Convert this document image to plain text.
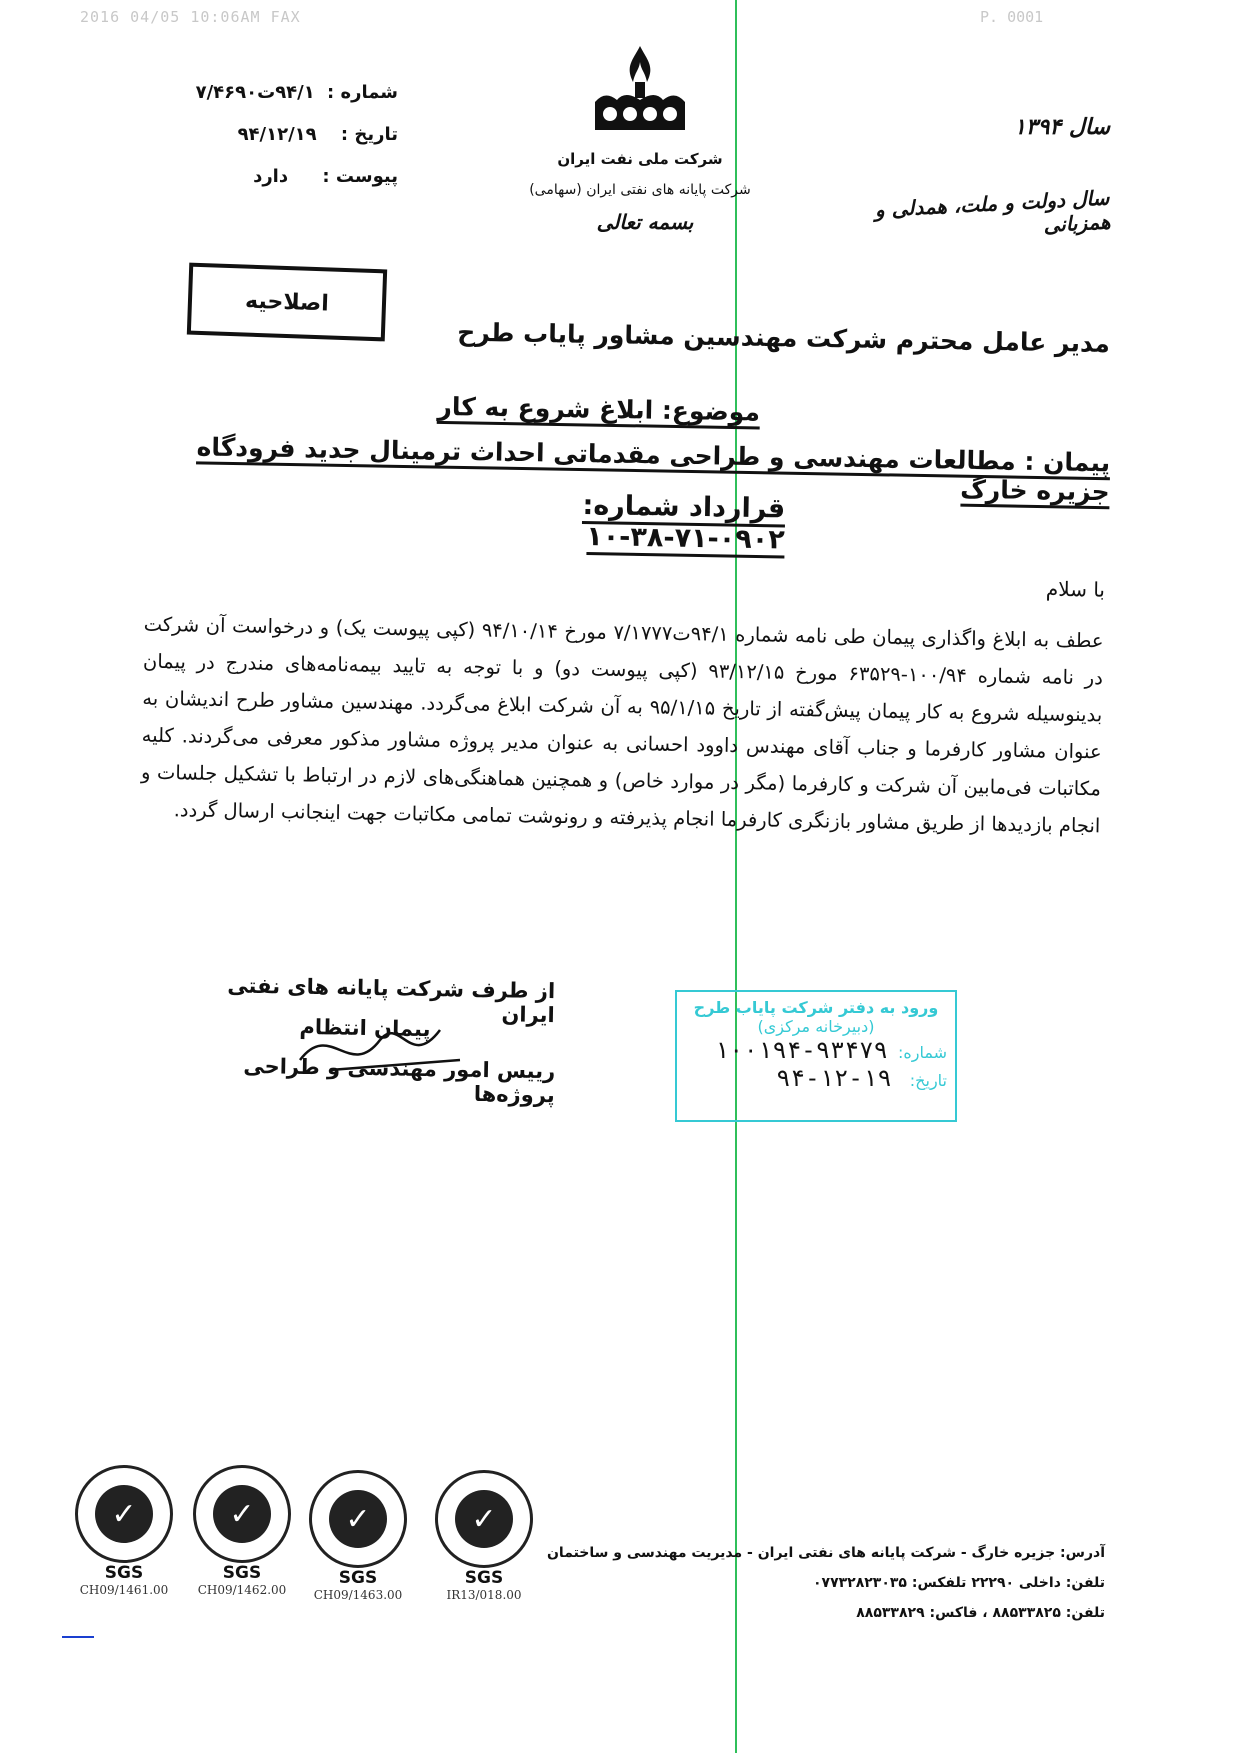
2016 04/05 10:06AM FAX	P. 0001
شماره : ۹۴/۱ت۷/۴۶۹۰
تاریخ : ۹۴/۱۲/۱۹
پیوست : دارد
شرکت ملی نفت ایران
شرکت پایانه های نفتی ایران (سهامی)
بسمه تعالی
سال ۱۳۹۴
سال دولت و ملت، همدلی و همزبانی
اصلاحیه
مدیر عامل محترم شرکت مهندسین مشاور پایاب طرح
موضوع: ابلاغ شروع به کار
پیمان : مطالعات مهندسی و طراحی مقدماتی احداث ترمینال جدید فرودگاه جزیره خارگ
قرارداد شماره: ۰۹۰۲-۷۱-۳۸-۱۰
با سلام

عطف به ابلاغ واگذاری پیمان طی نامه شماره ۹۴/۱ت۷/۱۷۷۷ مورخ ۹۴/۱۰/۱۴ (کپی پیوست یک) و درخواست آن شرکت در نامه شماره ۱۰۰/۹۴-۶۳۵۲۹ مورخ ۹۳/۱۲/۱۵ (کپی پیوست دو) و با توجه به تایید بیمه‌نامه‌های مندرج در پیمان بدینوسیله شروع به کار پیمان پیش‌گفته از تاریخ ۹۵/۱/۱۵ به آن شرکت ابلاغ می‌گردد. مهندسین مشاور طرح اندیشان به عنوان مشاور کارفرما و جناب آقای مهندس داوود احسانی به عنوان مدیر پروژه مشاور مذکور معرفی می‌گردند. کلیه مکاتبات فی‌مابین آن شرکت و کارفرما (مگر در موارد خاص) و همچنین هماهنگی‌های لازم در ارتباط با تشکیل جلسات و انجام بازدیدها از طریق مشاور بازنگری کارفرما انجام پذیرفته و رونوشت تمامی مکاتبات جهت اینجانب ارسال گردد.

از طرف شرکت پایانه های نفتی ایران
پیمان انتظام
رییس امور مهندسی و طراحی پروژه‌ها
ورود به دفتر شرکت پایاب طرح
(دبیرخانه مرکزی)
شماره:
۱۰۰۱۹۴-۹۳۴۷۹
تاریخ:
۹۴-۱۲-۱۹
✓
SGS
CH09/1461.00
✓
SGS
CH09/1462.00
✓
SGS
CH09/1463.00
✓
SGS
IR13/018.00
آدرس: جزیره خارگ - شرکت پایانه های نفتی ایران - مدیریت مهندسی و ساختمان
تلفن: داخلی ۲۲۲۹۰ تلفکس: ۰۷۷۳۲۸۲۳۰۳۵
تلفن: ۸۸۵۳۳۸۲۵ ، فاکس: ۸۸۵۳۳۸۲۹
